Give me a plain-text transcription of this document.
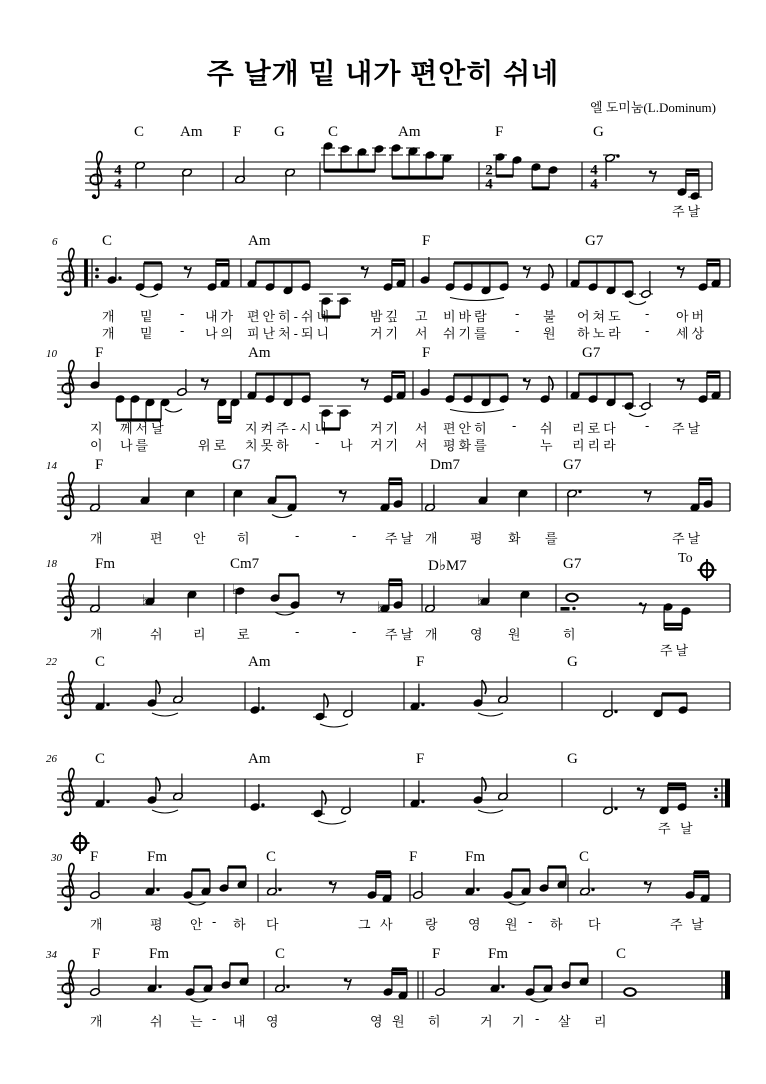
주 날개 밑 내가 편안히 쉬네
엘 도미눔(L.Dominum)
4
4
2
4
4
4
♭
♭
♭	♭
C Am F G	C	Am	F	G
주날
6	C	Am	F	G7
개 밑 - 내가 편안히-쉬네	밤깊 고 비바람 - 불 어쳐도 - 아버
개 밑 - 나의 피난처-되니	거기 서 쉬기를 - 원 하노라 - 세상
10	F	Am	F	G7
지 께서날	지켜주-시니	거기 서 편안히 - 쉬 리로다 - 주날
이 나를	위로 치못하 - 나 거기 서 평화를	누 리리라
14	F	G7	Dm7	G7
개	편 안 히	-	- 주날 개 평 화 를	주날
18	Fm	Cm7	D♭M7	G7
개	쉬 리 로	-	- 주날 개 영 원	히
주날
To
22	C	Am	F	G
26	C	Am	F	G
주 날
30 F	Fm	C	F	Fm	C
개	평 안 - 하 다	그 사 랑 영 원 - 하 다	주 날
34 F	Fm	C	F	Fm	C
개	쉬 는 - 내 영	영 원 히	거 기 - 살 리
